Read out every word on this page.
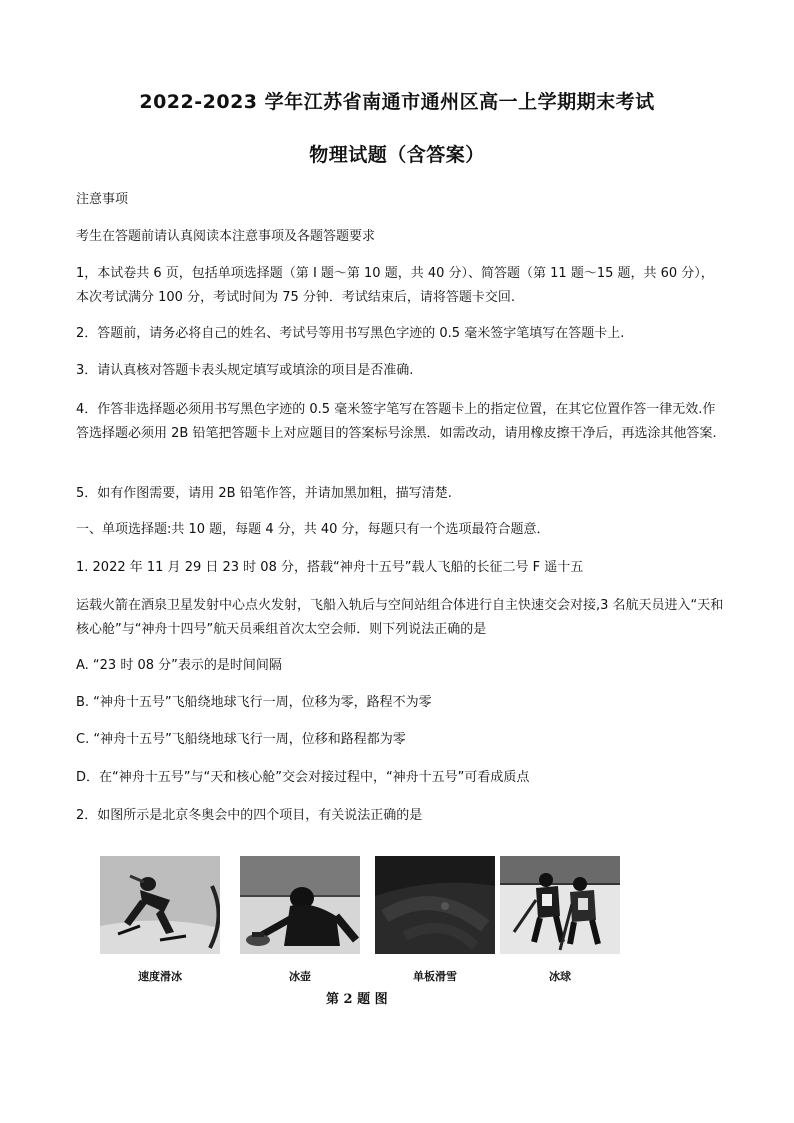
2022-2023 学年江苏省南通市通州区高一上学期期末考试
物理试题（含答案）
注意事项
考生在答题前请认真阅读本注意事项及各题答题要求
1，本试卷共 6 页，包括单项选择题（第 I 题～第 10 题，共 40 分）、简答题（第 11 题～15 题，共 60 分），本次考试满分 100 分，考试时间为 75 分钟．考试结束后，请将答题卡交回.
2．答题前，请务必将自己的姓名、考试号等用书写黑色字迹的 0.5 毫米签字笔填写在答题卡上.
3．请认真核对答题卡表头规定填写或填涂的项目是否准确.
4．作答非选择题必须用书写黑色字迹的 0.5 毫米签字笔写在答题卡上的指定位置，在其它位置作答一律无效.作答选择题必须用 2B 铅笔把答题卡上对应题目的答案标号涂黑．如需改动，请用橡皮擦干净后，再选涂其他答案.
5．如有作图需要，请用 2B 铅笔作答，并请加黑加粗，描写清楚.
一、单项选择题:共 10 题，每题 4 分，共 40 分，每题只有一个选项最符合题意．
1. 2022 年 11 月 29 日 23 时 08 分，搭载“神舟十五号”载人飞船的长征二号 F 遥十五
运载火箭在酒泉卫星发射中心点火发射，飞船入轨后与空间站组合体进行自主快速交会对接,3 名航天员进入“天和核心舱”与“神舟十四号”航天员乘组首次太空会师．则下列说法正确的是
A. “23 时 08 分”表示的是时间间隔
B. “神舟十五号”飞船绕地球飞行一周，位移为零，路程不为零
C. “神舟十五号”飞船绕地球飞行一周，位移和路程都为零
D．在“神舟十五号”与“天和核心舱”交会对接过程中，“神舟十五号”可看成质点
2．如图所示是北京冬奥会中的四个项目，有关说法正确的是
速度滑冰	冰壶	单板滑雪	冰球
第 2 题 图
